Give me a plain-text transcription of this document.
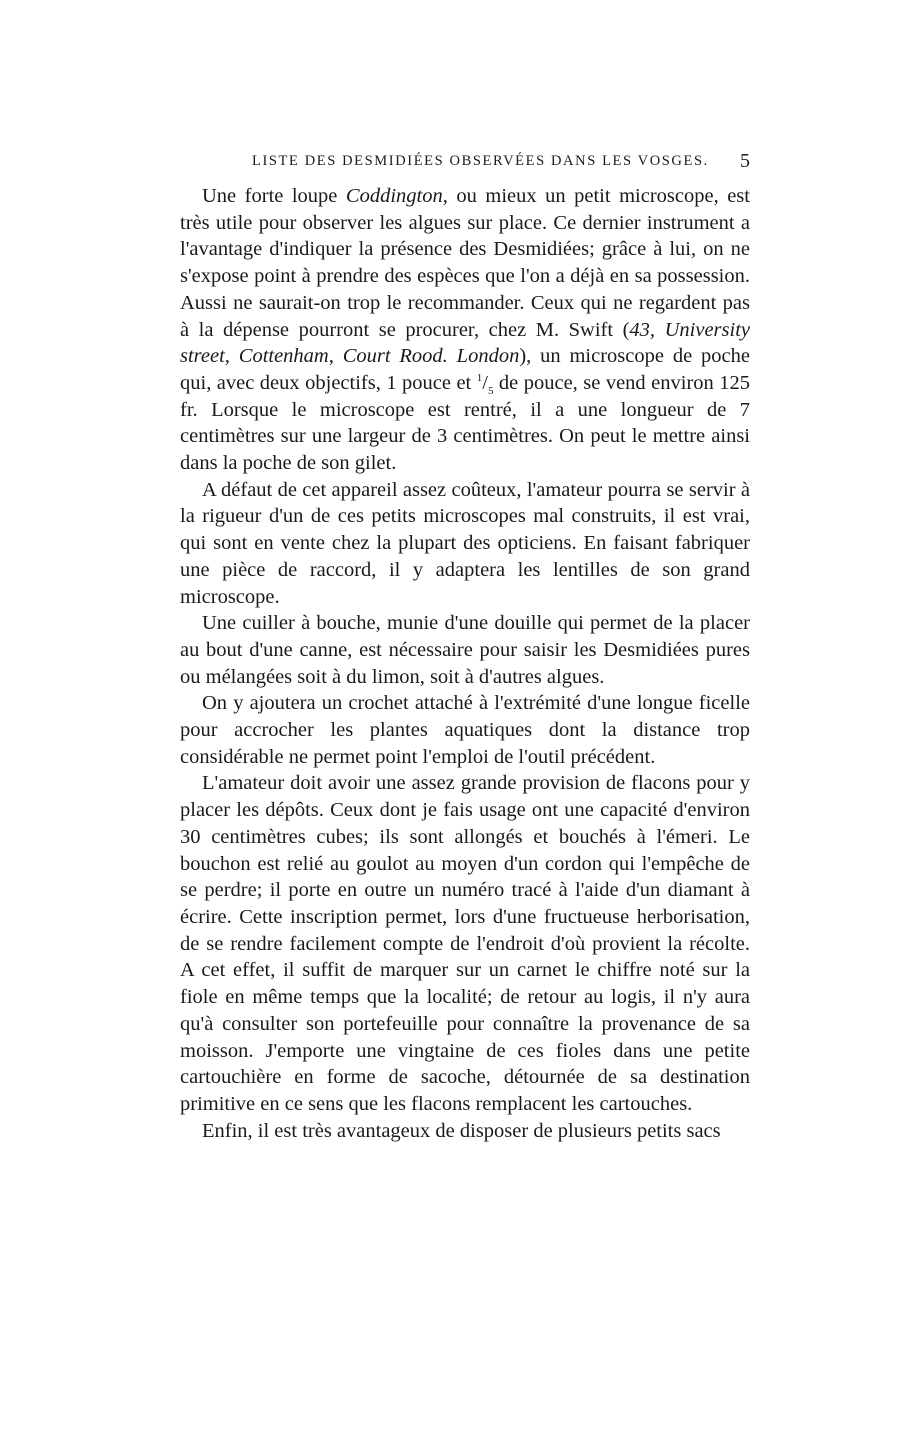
LISTE DES DESMIDIÉES OBSERVÉES DANS LES VOSGES. 5

Une forte loupe Coddington, ou mieux un petit microscope, est très utile pour observer les algues sur place. Ce dernier instrument a l'avantage d'indiquer la présence des Desmidiées; grâce à lui, on ne s'expose point à prendre des espèces que l'on a déjà en sa possession. Aussi ne saurait-on trop le recommander. Ceux qui ne regardent pas à la dépense pourront se procurer, chez M. Swift (43, University street, Cottenham, Court Rood. London), un microscope de poche qui, avec deux objectifs, 1 pouce et $^1/_5$ de pouce, se vend environ 125 fr. Lorsque le microscope est rentré, il a une longueur de 7 centimètres sur une largeur de 3 centimètres. On peut le mettre ainsi dans la poche de son gilet.

A défaut de cet appareil assez coûteux, l'amateur pourra se servir à la rigueur d'un de ces petits microscopes mal construits, il est vrai, qui sont en vente chez la plupart des opticiens. En faisant fabriquer une pièce de raccord, il y adaptera les lentilles de son grand microscope.

Une cuiller à bouche, munie d'une douille qui permet de la placer au bout d'une canne, est nécessaire pour saisir les Desmidiées pures ou mélangées soit à du limon, soit à d'autres algues.

On y ajoutera un crochet attaché à l'extrémité d'une longue ficelle pour accrocher les plantes aquatiques dont la distance trop considérable ne permet point l'emploi de l'outil précédent.

L'amateur doit avoir une assez grande provision de flacons pour y placer les dépôts. Ceux dont je fais usage ont une capacité d'environ 30 centimètres cubes; ils sont allongés et bouchés à l'émeri. Le bouchon est relié au goulot au moyen d'un cordon qui l'empêche de se perdre; il porte en outre un numéro tracé à l'aide d'un diamant à écrire. Cette inscription permet, lors d'une fructueuse herborisation, de se rendre facilement compte de l'endroit d'où provient la récolte. A cet effet, il suffit de marquer sur un carnet le chiffre noté sur la fiole en même temps que la localité; de retour au logis, il n'y aura qu'à consulter son portefeuille pour connaître la provenance de sa moisson. J'emporte une vingtaine de ces fioles dans une petite cartouchière en forme de sacoche, détournée de sa destination primitive en ce sens que les flacons remplacent les cartouches.

Enfin, il est très avantageux de disposer de plusieurs petits sacs
